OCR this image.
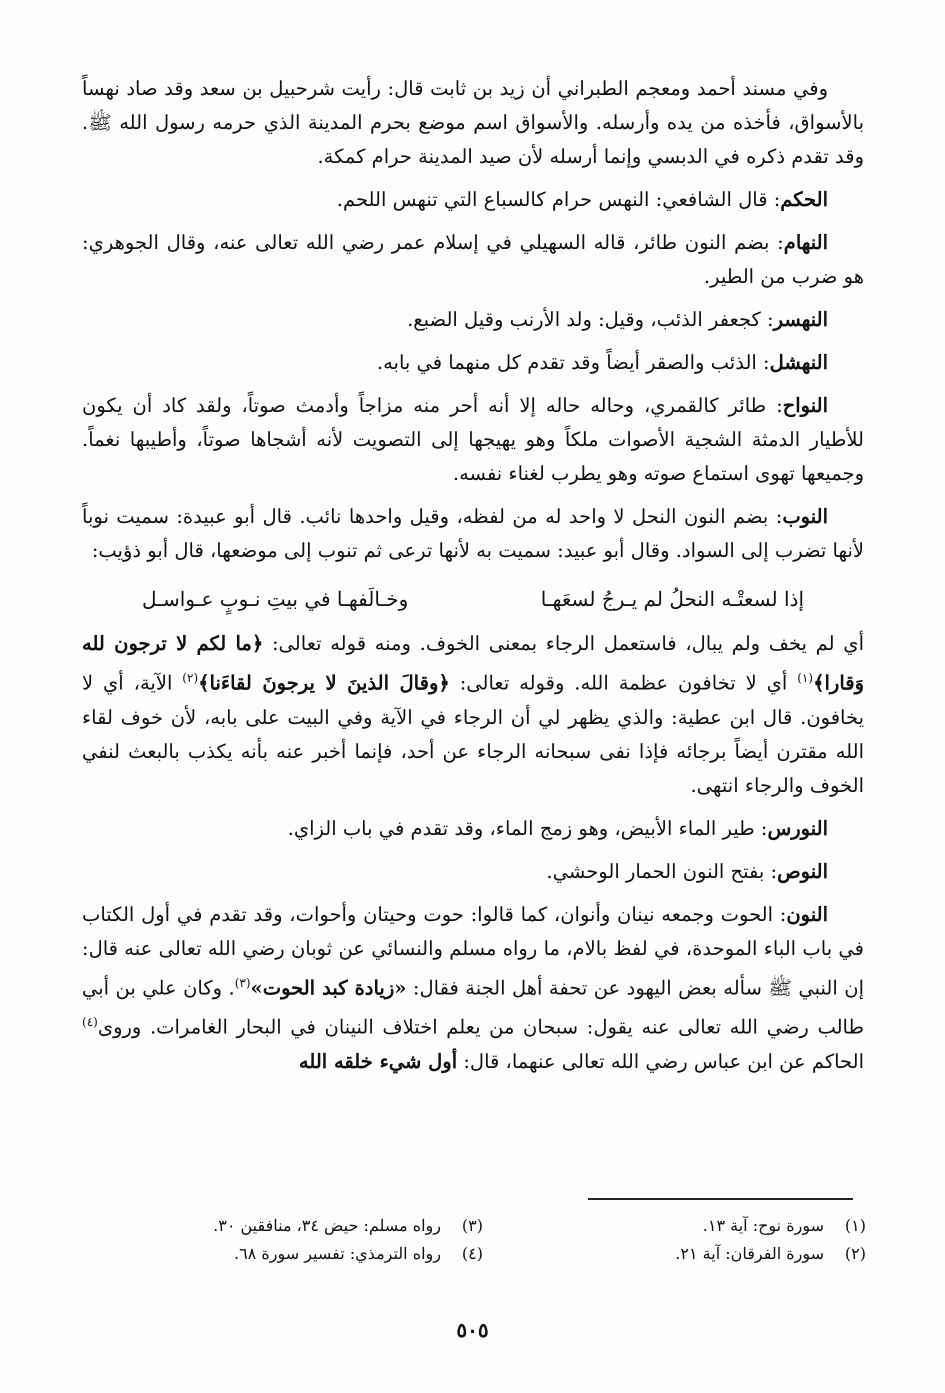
وفي مسند أحمد ومعجم الطبراني أن زيد بن ثابت قال: رأيت شرحبيل بن سعد وقد صاد نهساً بالأسواق، فأخذه من يده وأرسله. والأسواق اسم موضع بحرم المدينة الذي حرمه رسول الله ﷺ. وقد تقدم ذكره في الدبسي وإنما أرسله لأن صيد المدينة حرام كمكة.

الحكم: قال الشافعي: النهس حرام كالسباع التي تنهس اللحم.

النهام: بضم النون طائر، قاله السهيلي في إسلام عمر رضي الله تعالى عنه، وقال الجوهري: هو ضرب من الطير.

النهسر: كجعفر الذئب، وقيل: ولد الأرنب وقيل الضبع.

النهشل: الذئب والصقر أيضاً وقد تقدم كل منهما في بابه.

النواح: طائر كالقمري، وحاله حاله إلا أنه أحر منه مزاجاً وأدمث صوتاً، ولقد كاد أن يكون للأطيار الدمثة الشجية الأصوات ملكاً وهو يهيجها إلى التصويت لأنه أشجاها صوتاً، وأطيبها نغماً. وجميعها تهوى استماع صوته وهو يطرب لغناء نفسه.

النوب: بضم النون النحل لا واحد له من لفظه، وقيل واحدها نائب. قال أبو عبيدة: سميت نوباً لأنها تضرب إلى السواد. وقال أبو عبيد: سميت به لأنها ترعى ثم تنوب إلى موضعها، قال أبو ذؤيب:

إذا لسعتْـه النحلُ لم يـرجُ لسعَهـا
وخـالَفهـا في بيتِ نـوبٍ عـواسـل

أي لم يخف ولم يبال، فاستعمل الرجاء بمعنى الخوف. ومنه قوله تعالى: ﴿ما لكم لا ترجون لله وَقارا﴾$^{(١)}$ أي لا تخافون عظمة الله. وقوله تعالى: ﴿وقالَ الذينَ لا يرجونَ لقاءَنا﴾$^{(٢)}$ الآية، أي لا يخافون. قال ابن عطية: والذي يظهر لي أن الرجاء في الآية وفي البيت على بابه، لأن خوف لقاء الله مقترن أيضاً برجائه فإذا نفى سبحانه الرجاء عن أحد، فإنما أخبر عنه بأنه يكذب بالبعث لنفي الخوف والرجاء انتهى.

النورس: طير الماء الأبيض، وهو زمج الماء، وقد تقدم في باب الزاي.

النوص: بفتح النون الحمار الوحشي.

النون: الحوت وجمعه نينان وأنوان، كما قالوا: حوت وحيتان وأحوات، وقد تقدم في أول الكتاب في باب الباء الموحدة، في لفظ بالام، ما رواه مسلم والنسائي عن ثوبان رضي الله تعالى عنه قال: إن النبي ﷺ سأله بعض اليهود عن تحفة أهل الجنة فقال: «زيادة كبد الحوت»$^{(٣)}$. وكان علي بن أبي طالب رضي الله تعالى عنه يقول: سبحان من يعلم اختلاف النينان في البحار الغامرات. وروى$^{(٤)}$ الحاكم عن ابن عباس رضي الله تعالى عنهما، قال: أول شيء خلقه الله

(١)سورة نوح: آية ١٣.
(٣)رواه مسلم: حيض ٣٤، منافقين ٣٠.
(٢)سورة الفرقان: آية ٢١.
(٤)رواه الترمذي: تفسير سورة ٦٨.
٥٠٥
